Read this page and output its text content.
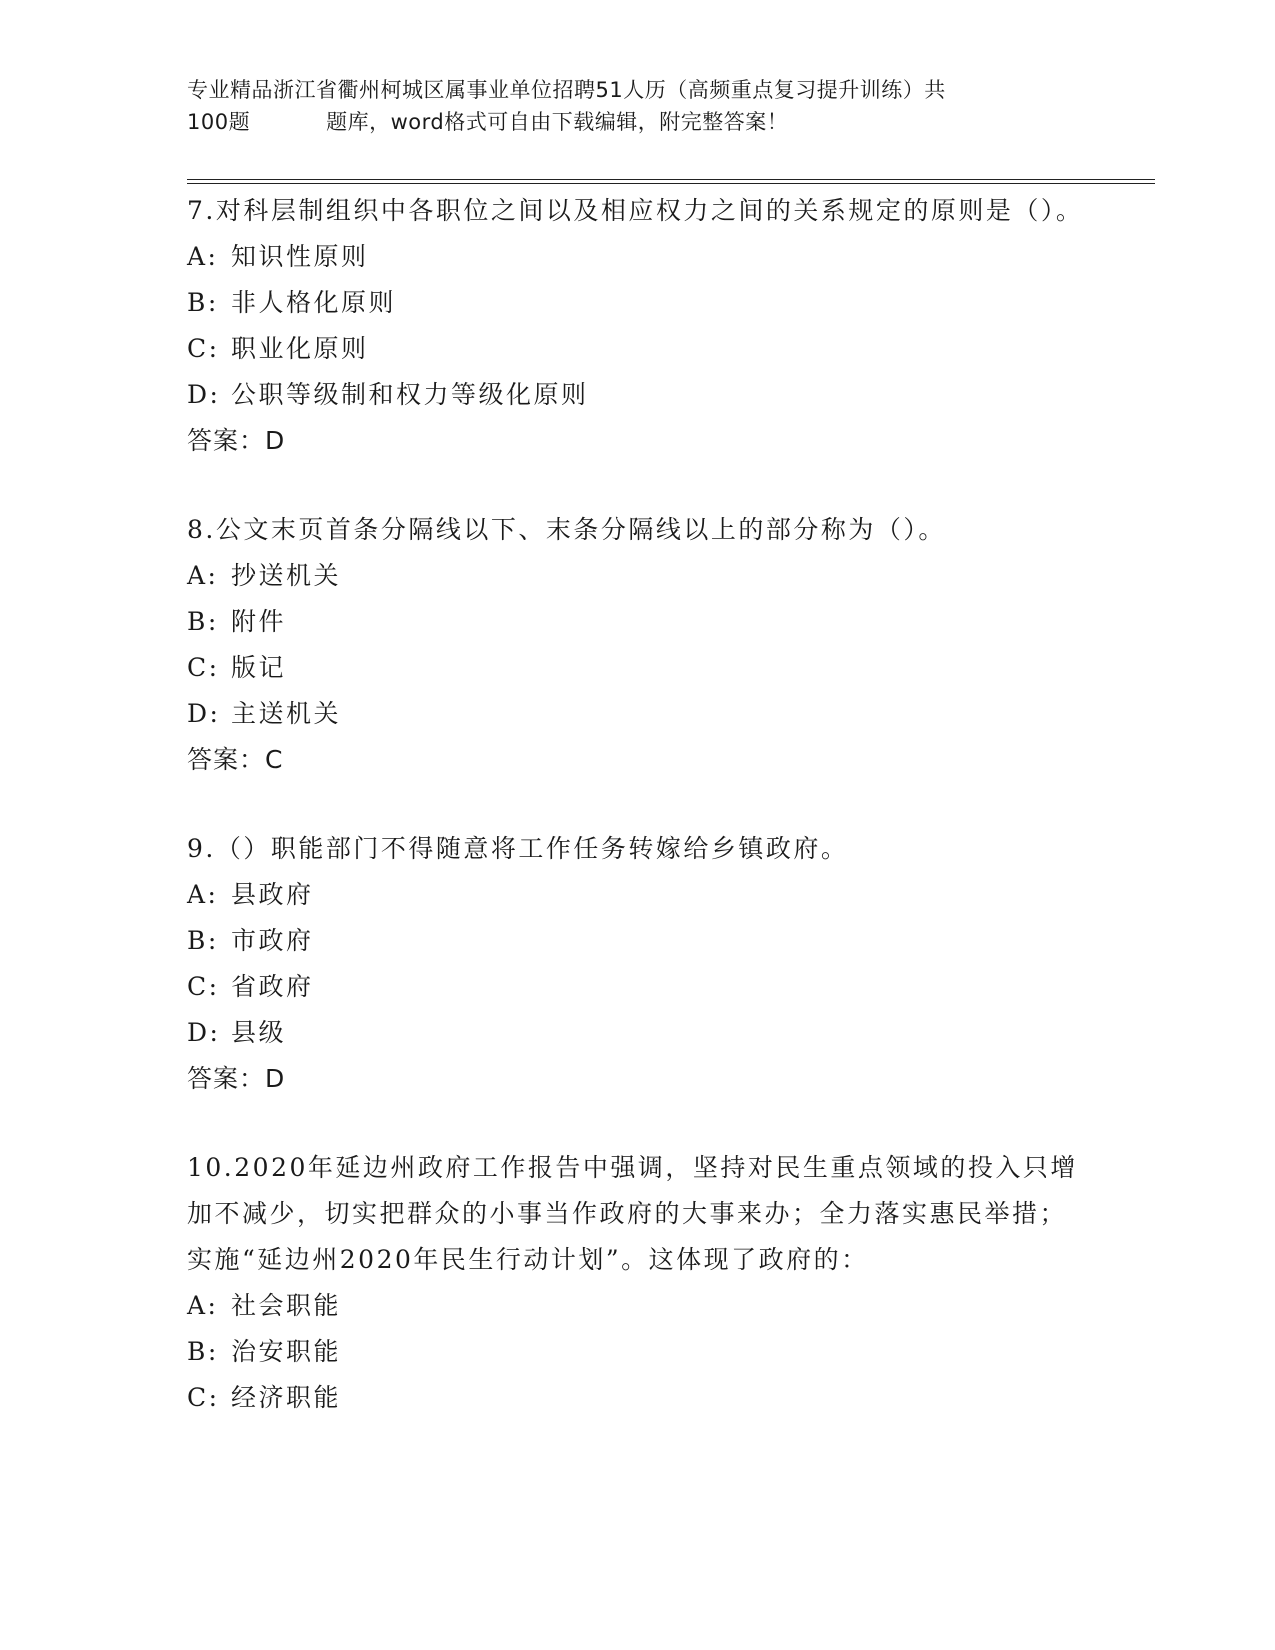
专业精品浙江省衢州柯城区属事业单位招聘51人历（高频重点复习提升训练）共
100题	题库，word格式可自由下载编辑，附完整答案！
7.对科层制组织中各职位之间以及相应权力之间的关系规定的原则是（）。
A: 知识性原则
B: 非人格化原则
C: 职业化原则
D: 公职等级制和权力等级化原则
答案：D
8.公文末页首条分隔线以下、末条分隔线以上的部分称为（）。
A: 抄送机关
B: 附件
C: 版记
D: 主送机关
答案：C
9.（）职能部门不得随意将工作任务转嫁给乡镇政府。
A: 县政府
B: 市政府
C: 省政府
D: 县级
答案：D
10.2020年延边州政府工作报告中强调，坚持对民生重点领域的投入只增加不减少，切实把群众的小事当作政府的大事来办；全力落实惠民举措；实施“延边州2020年民生行动计划”。这体现了政府的：
A: 社会职能
B: 治安职能
C: 经济职能
